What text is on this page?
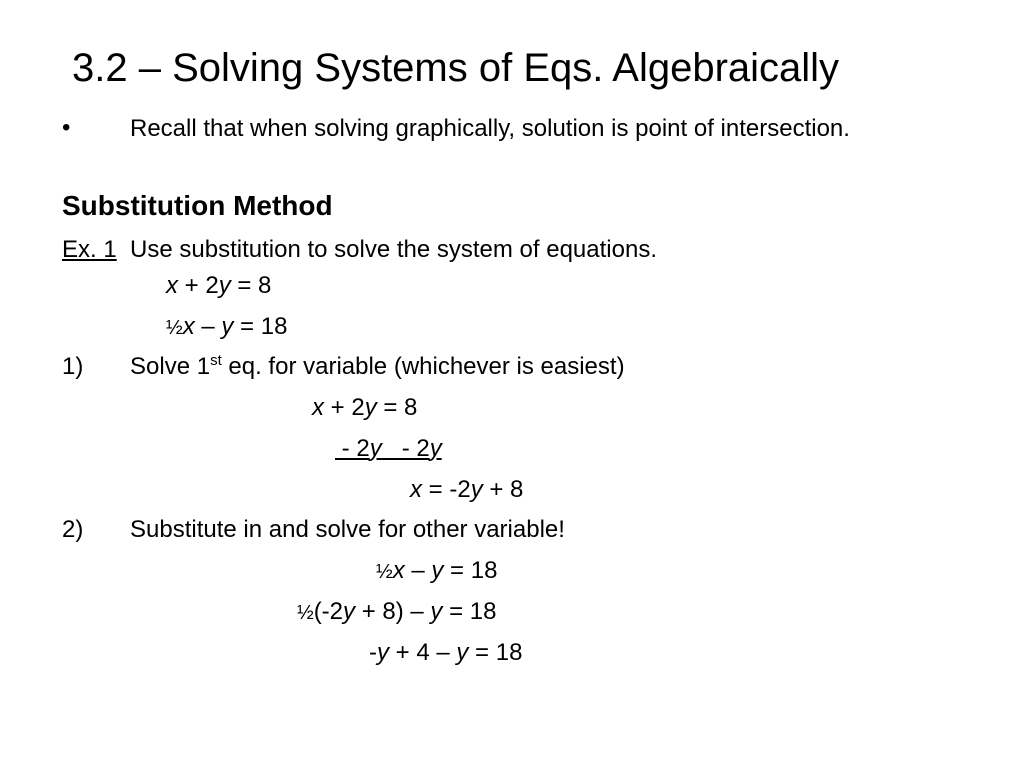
3.2 – Solving Systems of Eqs. Algebraically
• Recall that when solving graphically, solution is point of intersection.
Substitution Method
Ex. 1 Use substitution to solve the system of equations.
x + 2y = 8
½x – y = 18
1) Solve 1st eq. for variable (whichever is easiest)
x + 2y = 8
- 2y   - 2y
x = -2y + 8
2) Substitute in and solve for other variable!
½x – y = 18
½(-2y + 8) – y = 18
-y + 4 – y = 18
